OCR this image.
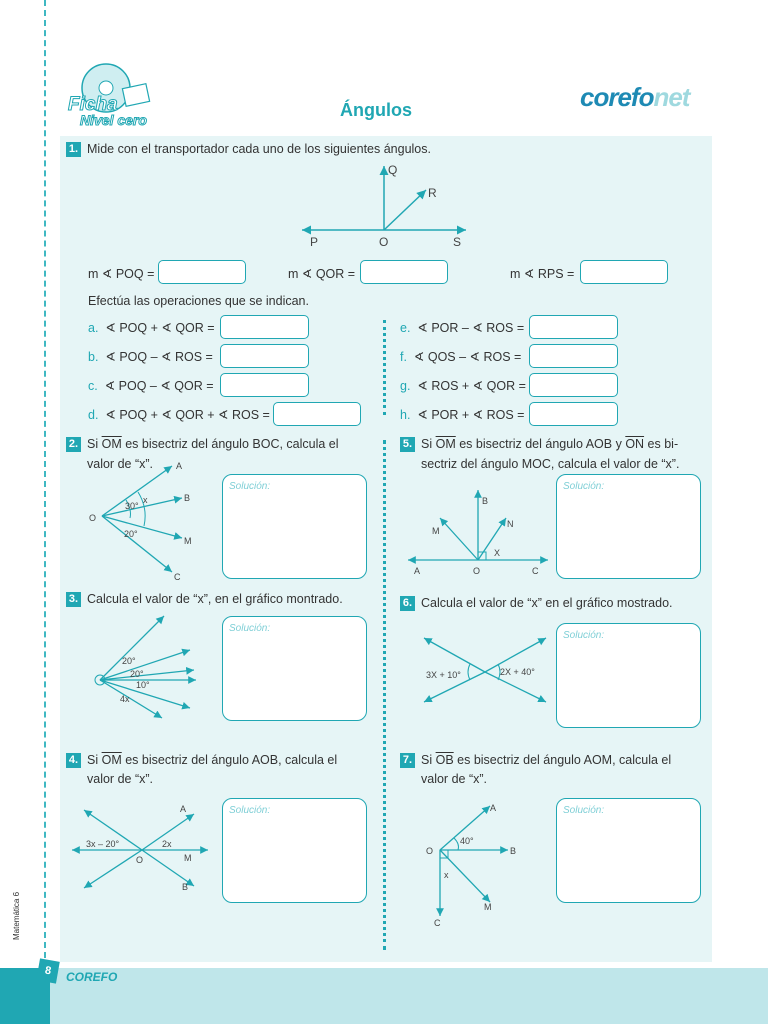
Ficha
Nivel cero	Ángulos	corefonet
1. Mide con el transportador cada uno de los siguientes ángulos.
Q
R
P	O	S
m ∢ POQ =	m ∢ QOR =	m ∢ RPS =
Efectúa las operaciones que se indican.
a. ∢ POQ + ∢ QOR =
b. ∢ POQ – ∢ ROS =
c. ∢ POQ – ∢ QOR =
d. ∢ POQ + ∢ QOR + ∢ ROS =
e. ∢ POR – ∢ ROS =
f. ∢ QOS – ∢ ROS =
g. ∢ ROS + ∢ QOR =
h. ∢ POR + ∢ ROS =
2. Si $\overline{OM}$ es bisectriz del ángulo BOC, calcula el
valor de “x”.	A
B
O
M
C
30°
x
20°
Solución:
5. Si $\overline{OM}$ es bisectriz del ángulo AOB y $\overline{ON}$ es bi-
sectriz del ángulo MOC, calcula el valor de “x”.
B
N
M
X
A	O	C
Solución:
3. Calcula el valor de “x”, en el gráfico montrado.
20°
20°
10°
4x
Solución:
6. Calcula el valor de “x” en el gráfico mostrado.
3X + 10°	2X + 40°
Solución:
4. Si $\overline{OM}$ es bisectriz del ángulo AOB, calcula el
valor de “x”.
A
B
O	M
3x – 20°	2x
Solución:
7. Si $\overline{OB}$ es bisectriz del ángulo AOM, calcula el
valor de “x”.
A
O	B
40°
x
M
C
Solución:
8	COREFO
Matemática 6
